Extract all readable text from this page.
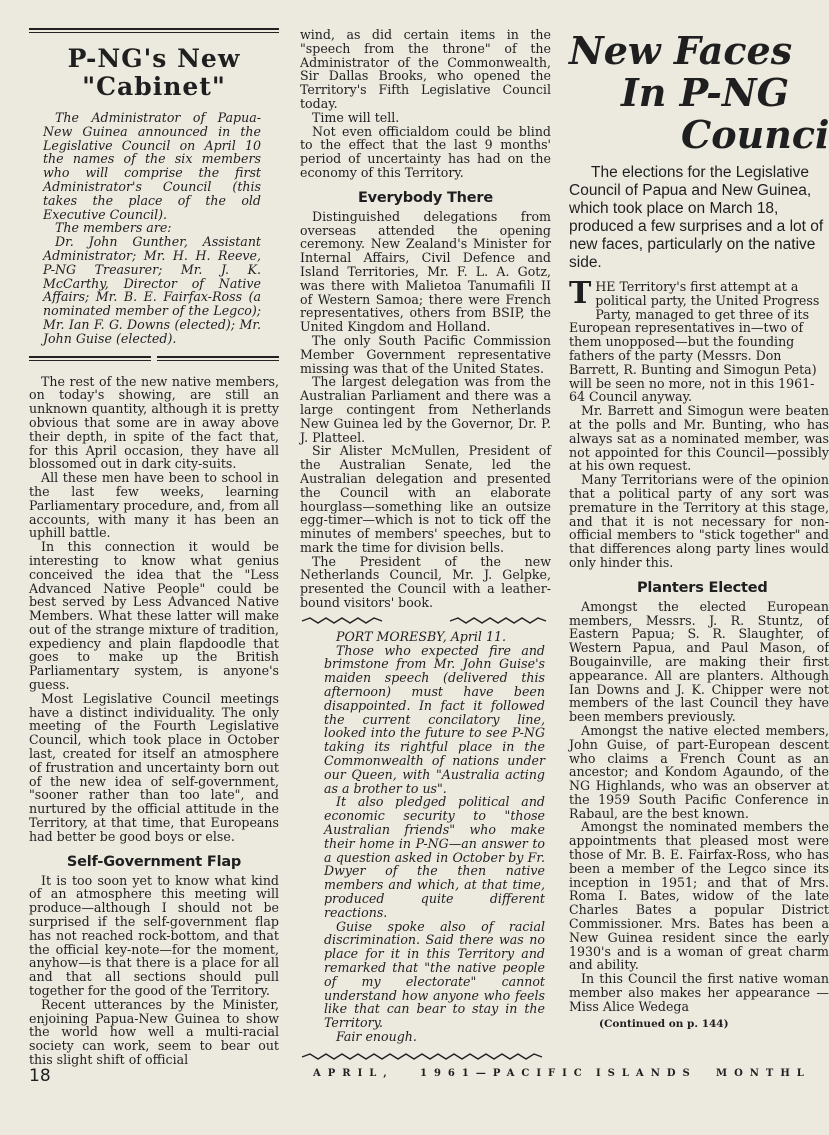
P-NG's New
"Cabinet"

The Administrator of Papua-New Guinea announced in the Legislative Council on April 10 the names of the six members who will comprise the first Administrator's Council (this takes the place of the old Executive Council).

The members are:

Dr. John Gunther, Assistant Administrator; Mr. H. H. Reeve, P-NG Treasurer; Mr. J. K. McCarthy, Director of Native Affairs; Mr. B. E. Fairfax-Ross (a nominated member of the Legco); Mr. Ian F. G. Downs (elected); Mr. John Guise (elected).

The rest of the new native members, on today's showing, are still an unknown quantity, although it is pretty obvious that some are in away above their depth, in spite of the fact that, for this April occasion, they have all blossomed out in dark city-suits.

All these men have been to school in the last few weeks, learning Parliamentary procedure, and, from all accounts, with many it has been an uphill battle.

In this connection it would be interesting to know what genius conceived the idea that the "Less Advanced Native People" could be best served by Less Advanced Native Members. What these latter will make out of the strange mixture of tradition, expediency and plain flapdoodle that goes to make up the British Parliamentary system, is anyone's guess.

Most Legislative Council meetings have a distinct individuality. The only meeting of the Fourth Legislative Council, which took place in October last, created for itself an atmosphere of frustration and uncertainty born out of the new idea of self-government, "sooner rather than too late", and nurtured by the official attitude in the Territory, at that time, that Europeans had better be good boys or else.

Self-Government Flap

It is too soon yet to know what kind of an atmosphere this meeting will produce—although I should not be surprised if the self-government flap has not reached rock-bottom, and that the official key-note—for the moment, anyhow—is that there is a place for all and that all sections should pull together for the good of the Territory.

Recent utterances by the Minister, enjoining Papua-New Guinea to show the world how well a multi-racial society can work, seem to bear out this slight shift of official

wind, as did certain items in the "speech from the throne" of the Administrator of the Commonwealth, Sir Dallas Brooks, who opened the Territory's Fifth Legislative Council today.

Time will tell.

Not even officialdom could be blind to the effect that the last 9 months' period of uncertainty has had on the economy of this Territory.

Everybody There

Distinguished delegations from overseas attended the opening ceremony. New Zealand's Minister for Internal Affairs, Civil Defence and Island Territories, Mr. F. L. A. Gotz, was there with Malietoa Tanumafili II of Western Samoa; there were French representatives, others from BSIP, the United Kingdom and Holland.

The only South Pacific Commission Member Government representative missing was that of the United States.

The largest delegation was from the Australian Parliament and there was a large contingent from Netherlands New Guinea led by the Governor, Dr. P. J. Platteel.

Sir Alister McMullen, President of the Australian Senate, led the Australian delegation and presented the Council with an elaborate hourglass—something like an outsize egg-timer—which is not to tick off the minutes of members' speeches, but to mark the time for division bells.

The President of the new Netherlands Council, Mr. J. Gelpke, presented the Council with a leather-bound visitors' book.

PORT MORESBY, April 11.

Those who expected fire and brimstone from Mr. John Guise's maiden speech (delivered this afternoon) must have been disappointed. In fact it followed the current concilatory line, looked into the future to see P-NG taking its rightful place in the Commonwealth of nations under our Queen, with "Australia acting as a brother to us".

It also pledged political and economic security to "those Australian friends" who make their home in P-NG—an answer to a question asked in October by Fr. Dwyer of the then native members and which, at that time, produced quite different reactions.

Guise spoke also of racial discrimination. Said there was no place for it in this Territory and remarked that "the native people of my electorate" cannot understand how anyone who feels like that can bear to stay in the Territory.

Fair enough.

New Faces
In P-NG
Counci

The elections for the Legislative Council of Papua and New Guinea, which took place on March 18, produced a few surprises and a lot of new faces, particularly on the native side.

T HE Territory's first attempt at a political party, the United Progress Party, managed to get three of its European representatives in—two of them unopposed—but the founding fathers of the party (Messrs. Don Barrett, R. Bunting and Simogun Peta) will be seen no more, not in this 1961-64 Council anyway.

Mr. Barrett and Simogun were beaten at the polls and Mr. Bunting, who has always sat as a nominated member, was not appointed for this Council—possibly at his own request.

Many Territorians were of the opinion that a political party of any sort was premature in the Territory at this stage, and that it is not necessary for non-official members to "stick together" and that differences along party lines would only hinder this.

Planters Elected

Amongst the elected European members, Messrs. J. R. Stuntz, of Eastern Papua; S. R. Slaughter, of Western Papua, and Paul Mason, of Bougainville, are making their first appearance. All are planters. Although Ian Downs and J. K. Chipper were not members of the last Council they have been members previously.

Amongst the native elected members, John Guise, of part-European descent who claims a French Count as an ancestor; and Kondom Agaundo, of the NG Highlands, who was an observer at the 1959 South Pacific Conference in Rabaul, are the best known.

Amongst the nominated members the appointments that pleased most were those of Mr. B. E. Fairfax-Ross, who has been a member of the Legco since its inception in 1951; and that of Mrs. Roma I. Bates, widow of the late Charles Bates a popular District Commissioner. Mrs. Bates has been a New Guinea resident since the early 1930's and is a woman of great charm and ability.

In this Council the first native woman member also makes her appearance — Miss Alice Wedega

(Continued on p. 144)
18	APRIL,	1961—PACIFIC ISLANDS MONTHL
